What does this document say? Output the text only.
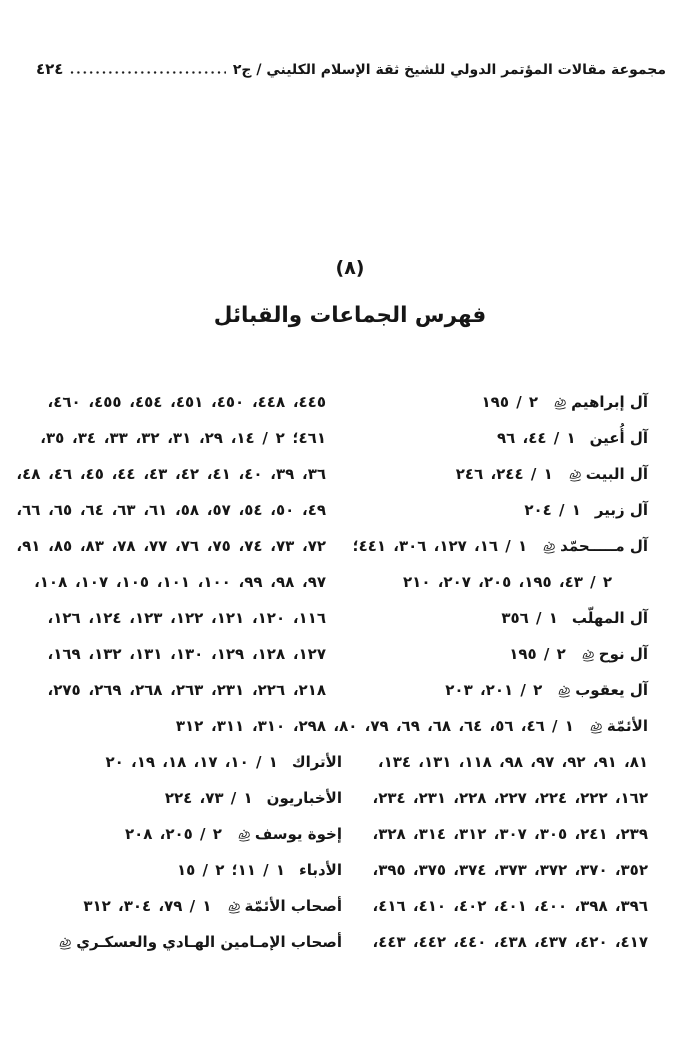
مجموعة مقالات المؤتمر الدولي للشيخ ثقة الإسلام الكليني / ج٢
٤٢٤
(٨)
فهرس الجماعات والقبائل
آل إبراهيم
٢ / ١٩٥
آل أُعين
١ / ٤٤، ٩٦
آل البيت
١ / ٢٤٤، ٢٤٦
آل زبير
١ / ٢٠٤
آل مـــــحمّد
١ / ١٦، ١٢٧، ٣٠٦، ٤٤١؛
٢ / ٤٣، ١٩٥، ٢٠٥، ٢٠٧، ٢١٠
آل المهلّب
١ / ٣٥٦
آل نوح
٢ / ١٩٥
آل يعقوب
٢ / ٢٠١، ٢٠٣
الأئمّة
١ / ٤٦، ٥٦، ٦٤، ٦٨، ٦٩، ٧٩، ٨٠،
٨١، ٩١، ٩٢، ٩٧، ٩٨، ١١٨، ١٣١، ١٣٤،
١٦٢، ٢٢٢، ٢٢٤، ٢٢٧، ٢٢٨، ٢٣١، ٢٣٤،
٢٣٩، ٢٤١، ٣٠٥، ٣٠٧، ٣١٢، ٣١٤، ٣٢٨،
٣٥٢، ٣٧٠، ٣٧٢، ٣٧٣، ٣٧٤، ٣٧٥، ٣٩٥،
٣٩٦، ٣٩٨، ٤٠٠، ٤٠١، ٤٠٢، ٤١٠، ٤١٦،
٤١٧، ٤٢٠، ٤٣٧، ٤٣٨، ٤٤٠، ٤٤٢، ٤٤٣،
٤٤٥، ٤٤٨، ٤٥٠، ٤٥١، ٤٥٤، ٤٥٥، ٤٦٠،
٤٦١؛ ٢ / ١٤، ٢٩، ٣١، ٣٢، ٣٣، ٣٤، ٣٥،
٣٦، ٣٩، ٤٠، ٤١، ٤٢، ٤٣، ٤٤، ٤٥، ٤٦، ٤٨،
٤٩، ٥٠، ٥٤، ٥٧، ٥٨، ٦١، ٦٣، ٦٤، ٦٥، ٦٦،
٧٢، ٧٣، ٧٤، ٧٥، ٧٦، ٧٧، ٧٨، ٨٣، ٨٥، ٩١،
٩٧، ٩٨، ٩٩، ١٠٠، ١٠١، ١٠٥، ١٠٧، ١٠٨،
١١٦، ١٢٠، ١٢١، ١٢٢، ١٢٣، ١٢٤، ١٢٦،
١٢٧، ١٢٨، ١٢٩، ١٣٠، ١٣١، ١٣٢، ١٦٩،
٢١٨، ٢٢٦، ٢٣١، ٢٦٣، ٢٦٨، ٢٦٩، ٢٧٥،
٢٩٨، ٣١٠، ٣١١، ٣١٢
الأتراك
١ / ١٠، ١٧، ١٨، ١٩، ٢٠
الأخباريون
١ / ٧٣، ٢٢٤
إخوة يوسف
٢ / ٢٠٥، ٢٠٨
الأدباء
١ / ١١؛ ٢ / ١٥
أصحاب الأئمّة
١ / ٧٩، ٣٠٤، ٣١٢
أصحاب الإمـامين الهـادي والعسكـري
